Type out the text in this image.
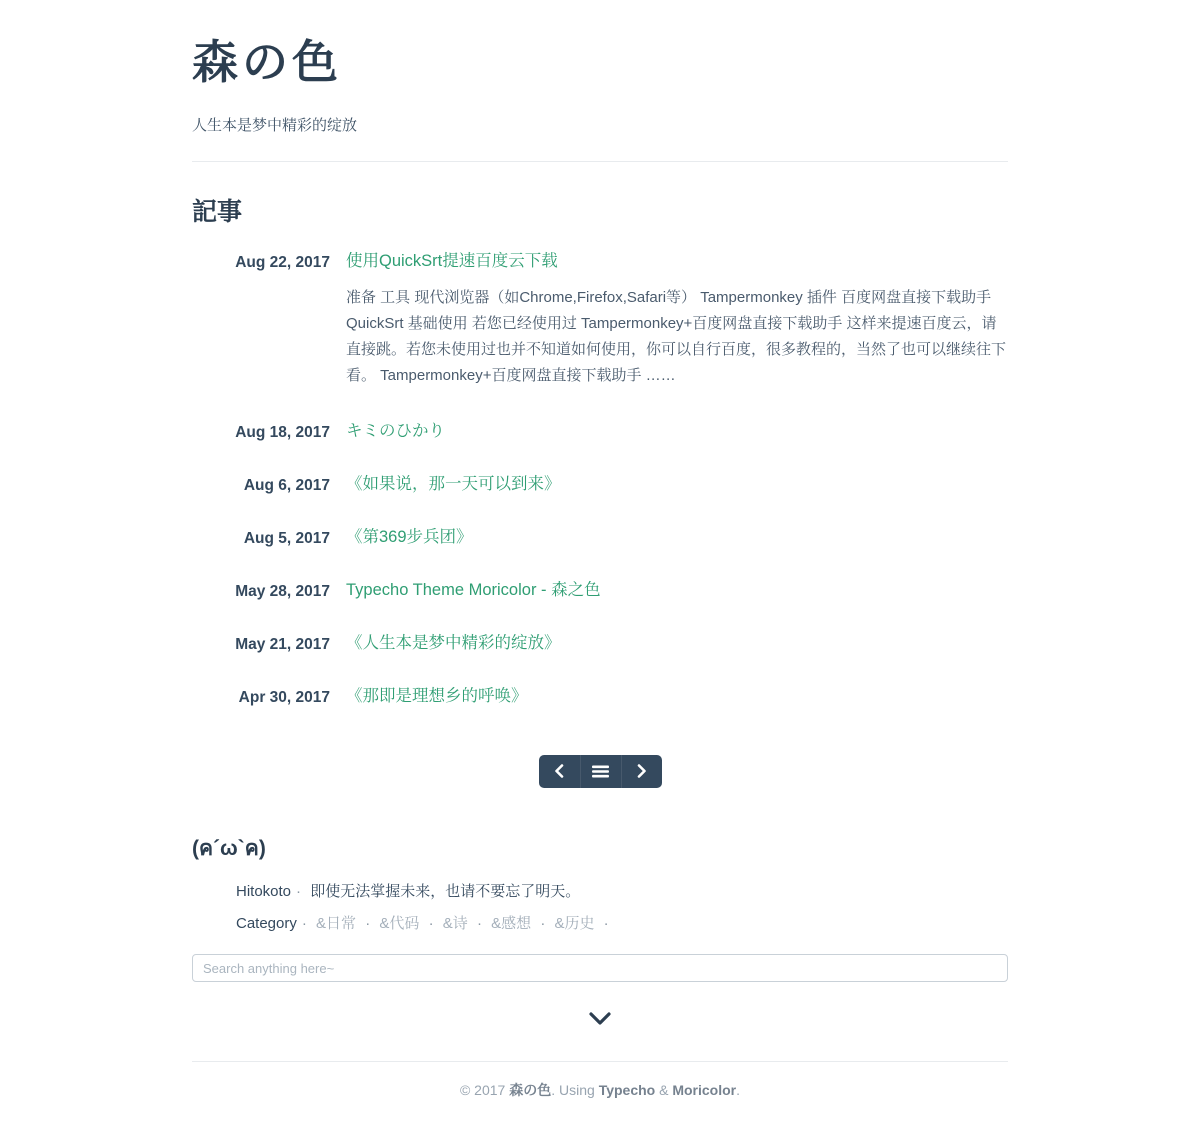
森の色

人生本是梦中精彩的绽放

記事
Aug 22, 2017 使用QuickSrt提速百度云下载

准备 工具 现代浏览器（如Chrome,Firefox,Safari等） Tampermonkey 插件 百度网盘直接下载助手 QuickSrt 基础使用 若您已经使用过 Tampermonkey+百度网盘直接下载助手 这样来提速百度云，请直接跳。若您未使用过也并不知道如何使用，你可以自行百度，很多教程的，当然了也可以继续往下看。 Tampermonkey+百度网盘直接下载助手 ……

Aug 18, 2017 キミのひかり
Aug 6, 2017 《如果说，那一天可以到来》
Aug 5, 2017 《第369步兵团》
May 28, 2017 Typecho Theme Moricolor - 森之色
May 21, 2017 《人生本是梦中精彩的绽放》
Apr 30, 2017 《那即是理想乡的呼唤》
(ค´ω`ค)

Hitokoto · 即使无法掌握未来，也请不要忘了明天。

Category · &日常 · &代码 · &诗 · &感想 · &历史 ·

Search anything here~
© 2017 森の色. Using Typecho & Moricolor.
